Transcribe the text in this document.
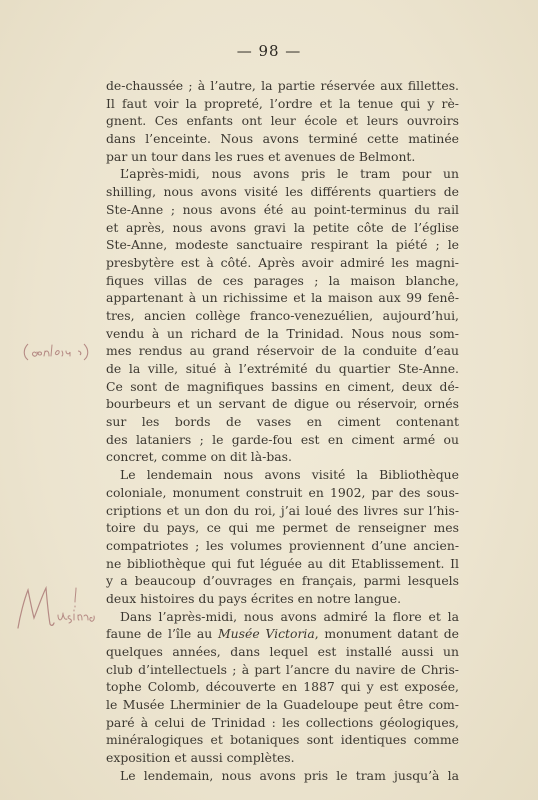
— 98 —
de-chaussée ; à l’autre, la partie réservée aux fillettes.
Il faut voir la propreté, l’ordre et la tenue qui y rè-
gnent. Ces enfants ont leur école et leurs ouvroirs
dans l’enceinte. Nous avons terminé cette matinée
par un tour dans les rues et avenues de Belmont.
L’après-midi, nous avons pris le tram pour un
shilling, nous avons visité les différents quartiers de
Ste-Anne ; nous avons été au point-terminus du rail
et après, nous avons gravi la petite côte de l’église
Ste-Anne, modeste sanctuaire respirant la piété ; le
presbytère est à côté. Après avoir admiré les magni-
fiques villas de ces parages ; la maison blanche,
appartenant à un richissime et la maison aux 99 fenê-
tres, ancien collège franco-venezuélien, aujourd’hui,
vendu à un richard de la Trinidad. Nous nous som-
mes rendus au grand réservoir de la conduite d’eau
de la ville, situé à l’extrémité du quartier Ste-Anne.
Ce sont de magnifiques bassins en ciment, deux dé-
bourbeurs et un servant de digue ou réservoir, ornés
sur les bords de vases en ciment contenant
des lataniers ; le garde-fou est en ciment armé ou
concret, comme on dit là-bas.
Le lendemain nous avons visité la Bibliothèque
coloniale, monument construit en 1902, par des sous-
criptions et un don du roi, j’ai loué des livres sur l’his-
toire du pays, ce qui me permet de renseigner mes
compatriotes ; les volumes proviennent d’une ancien-
ne bibliothèque qui fut léguée au dit Etablissement. Il
y a beaucoup d’ouvrages en français, parmi lesquels
deux histoires du pays écrites en notre langue.
Dans l’après-midi, nous avons admiré la flore et la
faune de l’île au Musée Victoria, monument datant de
quelques années, dans lequel est installé aussi un
club d’intellectuels ; à part l’ancre du navire de Chris-
tophe Colomb, découverte en 1887 qui y est exposée,
le Musée Lherminier de la Guadeloupe peut être com-
paré à celui de Trinidad : les collections géologiques,
minéralogiques et botaniques sont identiques comme
exposition et aussi complètes.
Le lendemain, nous avons pris le tram jusqu’à la
